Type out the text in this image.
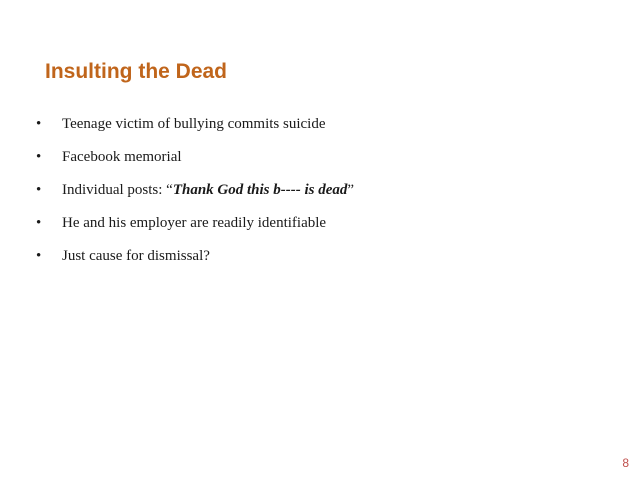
Insulting the Dead
• Teenage victim of bullying commits suicide
• Facebook memorial
• Individual posts: “Thank God this b---- is dead”
• He and his employer are readily identifiable
• Just cause for dismissal?
8
